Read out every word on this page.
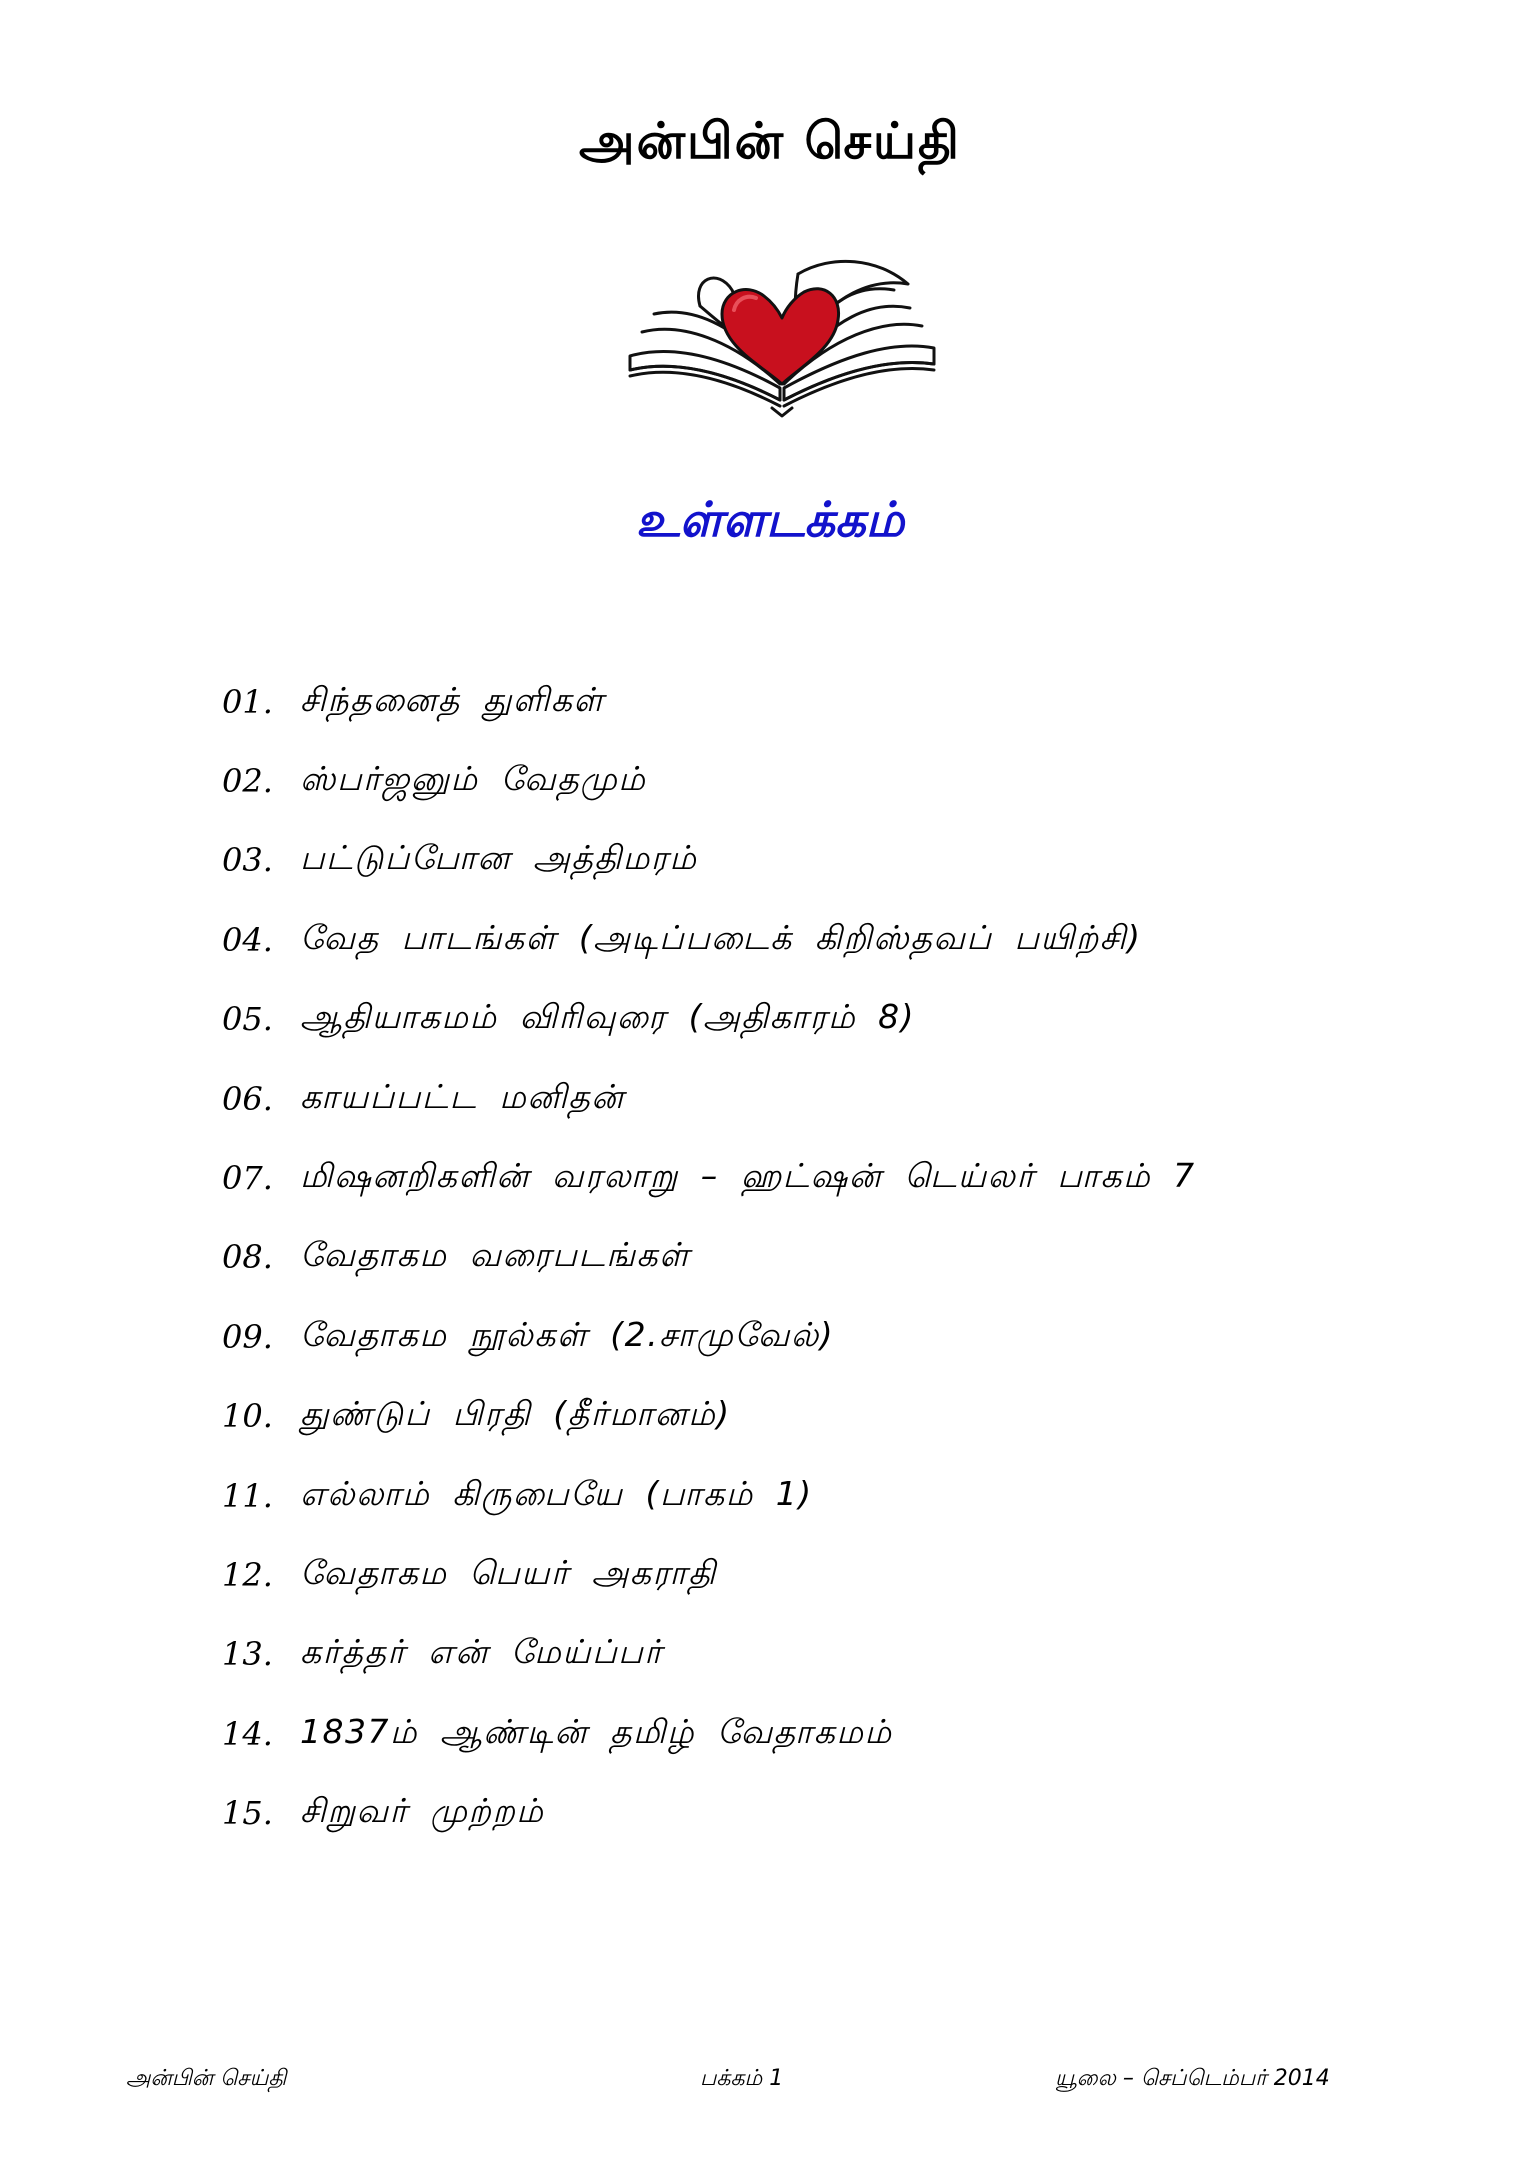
அன்பின் செய்தி
உள்ளடக்கம்
01. சிந்தனைத் துளிகள்
02. ஸ்பர்ஜனும் வேதமும்
03. பட்டுப்போன அத்திமரம்
04. வேத பாடங்கள் (அடிப்படைக் கிறிஸ்தவப் பயிற்சி)
05. ஆதியாகமம் விரிவுரை (அதிகாரம் 8)
06. காயப்பட்ட மனிதன்
07. மிஷனறிகளின் வரலாறு – ஹட்ஷன் டெய்லர் பாகம் 7
08. வேதாகம வரைபடங்கள்
09. வேதாகம நூல்கள் (2.சாமுவேல்)
10. துண்டுப் பிரதி (தீர்மானம்)
11. எல்லாம் கிருபையே (பாகம் 1)
12. வேதாகம பெயர் அகராதி
13. கர்த்தர் என் மேய்ப்பர்
14. 1837ம் ஆண்டின் தமிழ் வேதாகமம்
15. சிறுவர் முற்றம்
அன்பின் செய்தி	பக்கம் 1	யூலை – செப்டெம்பர் 2014
